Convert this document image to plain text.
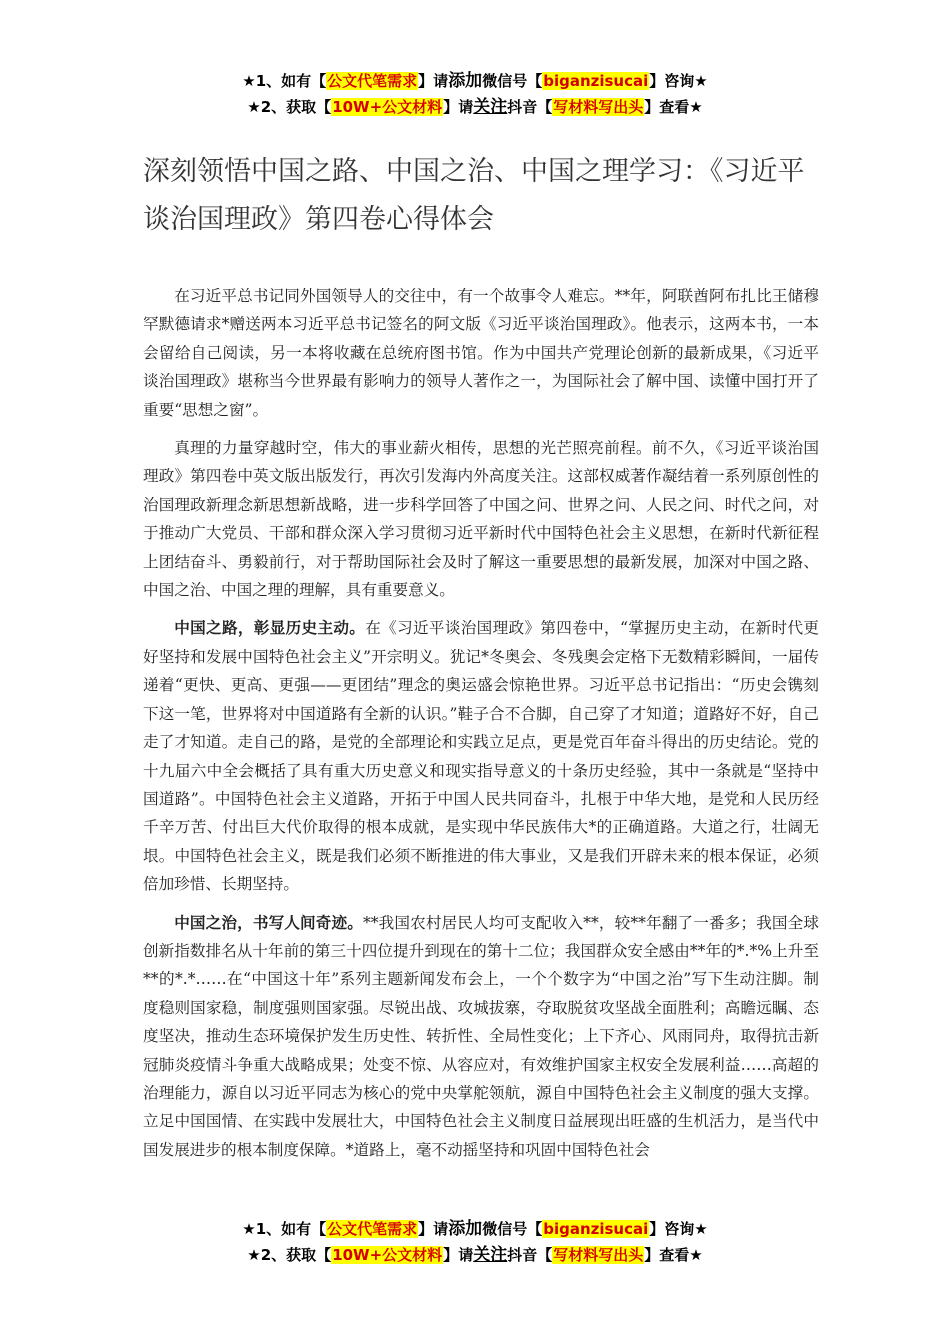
★1、如有【公文代笔需求】请添加微信号【biganzisucai】咨询★
★2、获取【10W+公文材料】请关注抖音【写材料写出头】查看★
深刻领悟中国之路、中国之治、中国之理学习：《习近平谈治国理政》第四卷心得体会

在习近平总书记同外国领导人的交往中，有一个故事令人难忘。**年，阿联酋阿布扎比王储穆罕默德请求*赠送两本习近平总书记签名的阿文版《习近平谈治国理政》。他表示，这两本书，一本会留给自己阅读，另一本将收藏在总统府图书馆。作为中国共产党理论创新的最新成果，《习近平谈治国理政》堪称当今世界最有影响力的领导人著作之一，为国际社会了解中国、读懂中国打开了重要“思想之窗”。

真理的力量穿越时空，伟大的事业薪火相传，思想的光芒照亮前程。前不久，《习近平谈治国理政》第四卷中英文版出版发行，再次引发海内外高度关注。这部权威著作凝结着一系列原创性的治国理政新理念新思想新战略，进一步科学回答了中国之问、世界之问、人民之问、时代之问，对于推动广大党员、干部和群众深入学习贯彻习近平新时代中国特色社会主义思想，在新时代新征程上团结奋斗、勇毅前行，对于帮助国际社会及时了解这一重要思想的最新发展，加深对中国之路、中国之治、中国之理的理解，具有重要意义。

中国之路，彰显历史主动。在《习近平谈治国理政》第四卷中，“掌握历史主动，在新时代更好坚持和发展中国特色社会主义”开宗明义。犹记*冬奥会、冬残奥会定格下无数精彩瞬间，一届传递着“更快、更高、更强——更团结”理念的奥运盛会惊艳世界。习近平总书记指出：“历史会镌刻下这一笔，世界将对中国道路有全新的认识。”鞋子合不合脚，自己穿了才知道；道路好不好，自己走了才知道。走自己的路，是党的全部理论和实践立足点，更是党百年奋斗得出的历史结论。党的十九届六中全会概括了具有重大历史意义和现实指导意义的十条历史经验，其中一条就是“坚持中国道路”。中国特色社会主义道路，开拓于中国人民共同奋斗，扎根于中华大地，是党和人民历经千辛万苦、付出巨大代价取得的根本成就，是实现中华民族伟大*的正确道路。大道之行，壮阔无垠。中国特色社会主义，既是我们必须不断推进的伟大事业，又是我们开辟未来的根本保证，必须倍加珍惜、长期坚持。

中国之治，书写人间奇迹。**我国农村居民人均可支配收入**，较**年翻了一番多；我国全球创新指数排名从十年前的第三十四位提升到现在的第十二位；我国群众安全感由**年的*.*%上升至**的*.*……在“中国这十年”系列主题新闻发布会上，一个个数字为“中国之治”写下生动注脚。制度稳则国家稳，制度强则国家强。尽锐出战、攻城拔寨，夺取脱贫攻坚战全面胜利；高瞻远瞩、态度坚决，推动生态环境保护发生历史性、转折性、全局性变化；上下齐心、风雨同舟，取得抗击新冠肺炎疫情斗争重大战略成果；处变不惊、从容应对，有效维护国家主权安全发展利益……高超的治理能力，源自以习近平同志为核心的党中央掌舵领航，源自中国特色社会主义制度的强大支撑。立足中国国情、在实践中发展壮大，中国特色社会主义制度日益展现出旺盛的生机活力，是当代中国发展进步的根本制度保障。*道路上，毫不动摇坚持和巩固中国特色社会

★1、如有【公文代笔需求】请添加微信号【biganzisucai】咨询★
★2、获取【10W+公文材料】请关注抖音【写材料写出头】查看★
